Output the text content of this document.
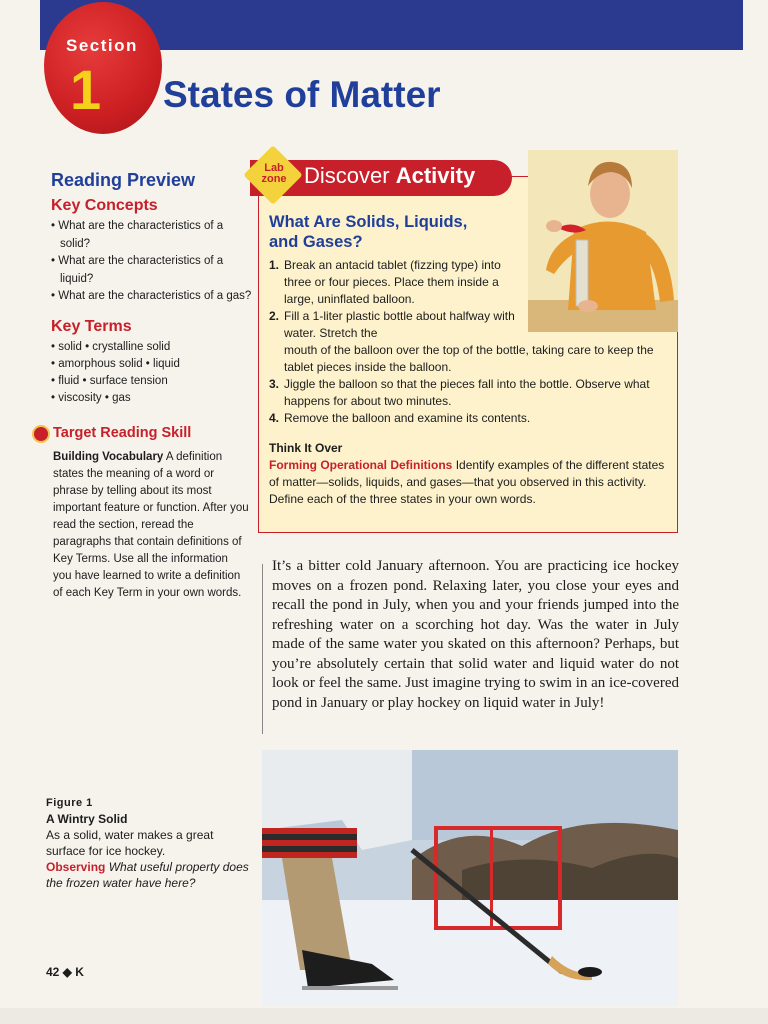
Section
1 States of Matter
Reading Preview
Key Concepts
• What are the characteristics of a solid?
• What are the characteristics of a liquid?
• What are the characteristics of a gas?
Key Terms
• solid • crystalline solid
• amorphous solid • liquid
• fluid • surface tension
• viscosity • gas
Target Reading Skill

Building Vocabulary A definition states the meaning of a word or phrase by telling about its most important feature or function. After you read the section, reread the paragraphs that contain definitions of Key Terms. Use all the information you have learned to write a definition of each Key Term in your own words.

Lab zone Discover Activity
What Are Solids, Liquids,
and Gases?
1. Break an antacid tablet (fizzing type) into three or four pieces. Place them inside a large, uninflated balloon.
2. Fill a 1-liter plastic bottle about halfway with water. Stretch the
mouth of the balloon over the top of the bottle, taking care to keep the tablet pieces inside the balloon.
3. Jiggle the balloon so that the pieces fall into the bottle. Observe what happens for about two minutes.
4. Remove the balloon and examine its contents.
Think It Over

Forming Operational Definitions Identify examples of the different states of matter—solids, liquids, and gases—that you observed in this activity. Define each of the three states in your own words.

It’s a bitter cold January afternoon. You are practicing ice hockey moves on a frozen pond. Relaxing later, you close your eyes and recall the pond in July, when you and your friends jumped into the refreshing water on a scorching hot day. Was the water in July made of the same water you skated on this afternoon? Perhaps, but you’re absolutely certain that solid water and liquid water do not look or feel the same. Just imagine trying to swim in an ice-covered pond in January or play hockey on liquid water in July!

Figure 1
A Wintry Solid
As a solid, water makes a great surface for ice hockey.
Observing What useful property does the frozen water have here?
42 ◆ K
